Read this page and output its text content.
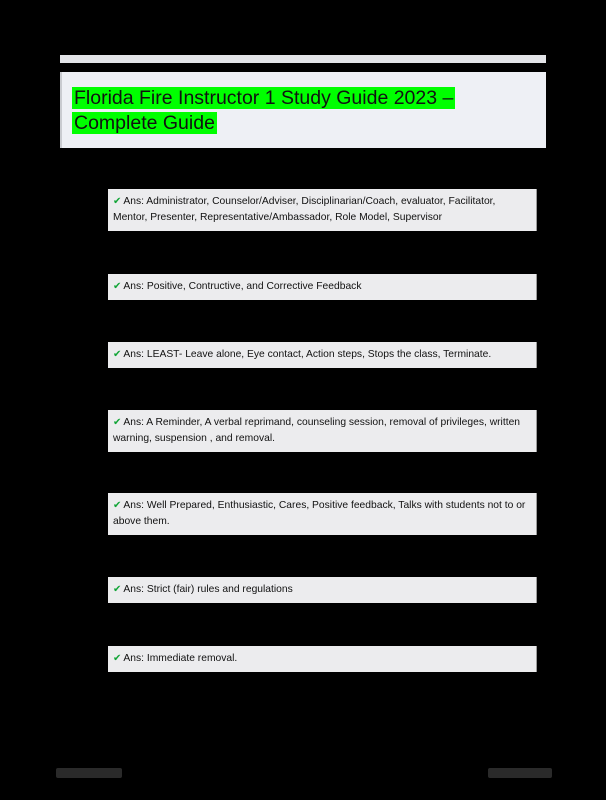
Florida Fire Instructor 1 Study Guide 2023 – Complete Guide
✔ Ans: Administrator, Counselor/Adviser, Disciplinarian/Coach, evaluator, Facilitator, Mentor, Presenter, Representative/Ambassador, Role Model, Supervisor
✔ Ans: Positive, Contructive, and Corrective Feedback
✔ Ans: LEAST- Leave alone, Eye contact, Action steps, Stops the class, Terminate.
✔ Ans: A Reminder, A verbal reprimand, counseling session, removal of privileges, written warning, suspension , and removal.
✔ Ans: Well Prepared, Enthusiastic, Cares, Positive feedback, Talks with students not to or above them.
✔ Ans: Strict (fair) rules and regulations
✔ Ans: Immediate removal.
